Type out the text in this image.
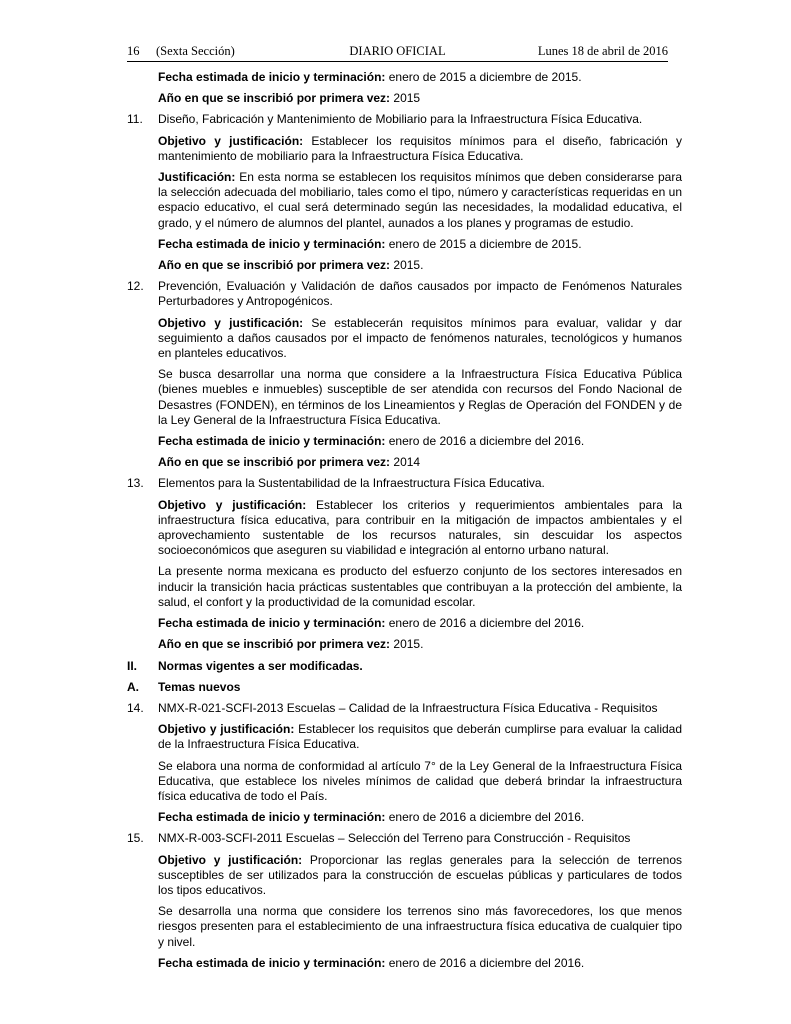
16 (Sexta Sección)	DIARIO OFICIAL	Lunes 18 de abril de 2016

Fecha estimada de inicio y terminación: enero de 2015 a diciembre de 2015.

Año en que se inscribió por primera vez: 2015

11.	Diseño, Fabricación y Mantenimiento de Mobiliario para la Infraestructura Física Educativa.

Objetivo y justificación: Establecer los requisitos mínimos para el diseño, fabricación y mantenimiento de mobiliario para la Infraestructura Física Educativa.

Justificación: En esta norma se establecen los requisitos mínimos que deben considerarse para la selección adecuada del mobiliario, tales como el tipo, número y características requeridas en un espacio educativo, el cual será determinado según las necesidades, la modalidad educativa, el grado, y el número de alumnos del plantel, aunados a los planes y programas de estudio.

Fecha estimada de inicio y terminación: enero de 2015 a diciembre de 2015.

Año en que se inscribió por primera vez: 2015.

12.	Prevención, Evaluación y Validación de daños causados por impacto de Fenómenos Naturales Perturbadores y Antropogénicos.

Objetivo y justificación: Se establecerán requisitos mínimos para evaluar, validar y dar seguimiento a daños causados por el impacto de fenómenos naturales, tecnológicos y humanos en planteles educativos.

Se busca desarrollar una norma que considere a la Infraestructura Física Educativa Pública (bienes muebles e inmuebles) susceptible de ser atendida con recursos del Fondo Nacional de Desastres (FONDEN), en términos de los Lineamientos y Reglas de Operación del FONDEN y de la Ley General de la Infraestructura Física Educativa.

Fecha estimada de inicio y terminación: enero de 2016 a diciembre del 2016.

Año en que se inscribió por primera vez: 2014

13.	Elementos para la Sustentabilidad de la Infraestructura Física Educativa.

Objetivo y justificación: Establecer los criterios y requerimientos ambientales para la infraestructura física educativa, para contribuir en la mitigación de impactos ambientales y el aprovechamiento sustentable de los recursos naturales, sin descuidar los aspectos socioeconómicos que aseguren su viabilidad e integración al entorno urbano natural.

La presente norma mexicana es producto del esfuerzo conjunto de los sectores interesados en inducir la transición hacia prácticas sustentables que contribuyan a la protección del ambiente, la salud, el confort y la productividad de la comunidad escolar.

Fecha estimada de inicio y terminación: enero de 2016 a diciembre del 2016.

Año en que se inscribió por primera vez: 2015.

II.	Normas vigentes a ser modificadas.

A.	Temas nuevos

14.	NMX-R-021-SCFI-2013 Escuelas – Calidad de la Infraestructura Física Educativa - Requisitos

Objetivo y justificación: Establecer los requisitos que deberán cumplirse para evaluar la calidad de la Infraestructura Física Educativa.

Se elabora una norma de conformidad al artículo 7° de la Ley General de la Infraestructura Física Educativa, que establece los niveles mínimos de calidad que deberá brindar la infraestructura física educativa de todo el País.

Fecha estimada de inicio y terminación: enero de 2016 a diciembre del 2016.

15.	NMX-R-003-SCFI-2011 Escuelas – Selección del Terreno para Construcción - Requisitos

Objetivo y justificación: Proporcionar las reglas generales para la selección de terrenos susceptibles de ser utilizados para la construcción de escuelas públicas y particulares de todos los tipos educativos.

Se desarrolla una norma que considere los terrenos sino más favorecedores, los que menos riesgos presenten para el establecimiento de una infraestructura física educativa de cualquier tipo y nivel.

Fecha estimada de inicio y terminación: enero de 2016 a diciembre del 2016.
